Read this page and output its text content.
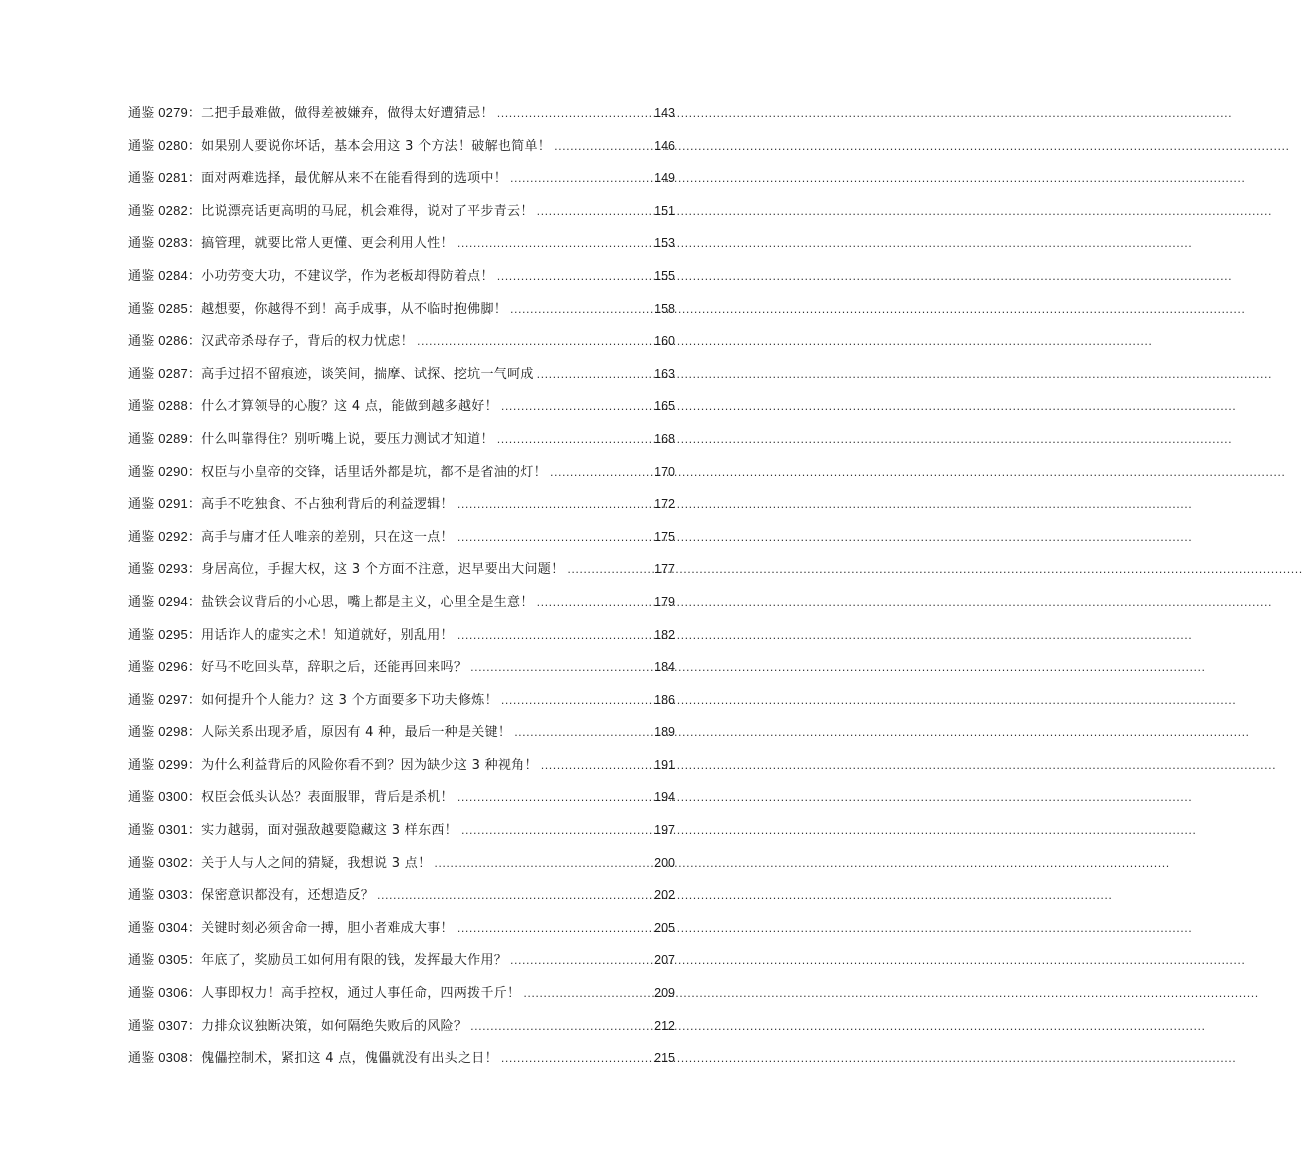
通鉴 0279： 二把手最难做，做得差被嫌弃，做得太好遭猜忌！ .....	143
通鉴 0280： 如果别人要说你坏话，基本会用这 3 个方法！破解也简单！ .....	146
通鉴 0281： 面对两难选择，最优解从来不在能看得到的选项中！ .....	149
通鉴 0282： 比说漂亮话更高明的马屁，机会难得，说对了平步青云！ .....	151
通鉴 0283： 搞管理，就要比常人更懂、更会利用人性！ .....	153
通鉴 0284： 小功劳变大功，不建议学，作为老板却得防着点！ .....	155
通鉴 0285： 越想要，你越得不到！高手成事，从不临时抱佛脚！ .....	158
通鉴 0286： 汉武帝杀母存子，背后的权力忧虑！ .....	160
通鉴 0287： 高手过招不留痕迹，谈笑间，揣摩、试探、挖坑一气呵成 .....	163
通鉴 0288： 什么才算领导的心腹？这 4 点，能做到越多越好！ .....	165
通鉴 0289： 什么叫靠得住？别听嘴上说，要压力测试才知道！ .....	168
通鉴 0290： 权臣与小皇帝的交锋，话里话外都是坑，都不是省油的灯！ .....	170
通鉴 0291： 高手不吃独食、不占独利背后的利益逻辑！ .....	172
通鉴 0292： 高手与庸才任人唯亲的差别，只在这一点！ .....	175
通鉴 0293： 身居高位，手握大权，这 3 个方面不注意，迟早要出大问题！ .....	177
通鉴 0294： 盐铁会议背后的小心思，嘴上都是主义，心里全是生意！ .....	179
通鉴 0295： 用话诈人的虚实之术！知道就好，别乱用！ .....	182
通鉴 0296： 好马不吃回头草，辞职之后，还能再回来吗？ .....	184
通鉴 0297： 如何提升个人能力？这 3 个方面要多下功夫修炼！ .....	186
通鉴 0298： 人际关系出现矛盾，原因有 4 种，最后一种是关键！ .....	189
通鉴 0299： 为什么利益背后的风险你看不到？因为缺少这 3 种视角！ .....	191
通鉴 0300： 权臣会低头认怂？表面服罪，背后是杀机！ .....	194
通鉴 0301： 实力越弱，面对强敌越要隐藏这 3 样东西！ .....	197
通鉴 0302： 关于人与人之间的猜疑，我想说 3 点！ .....	200
通鉴 0303： 保密意识都没有，还想造反？ .....	202
通鉴 0304： 关键时刻必须舍命一搏，胆小者难成大事！ .....	205
通鉴 0305： 年底了，奖励员工如何用有限的钱，发挥最大作用？ .....	207
通鉴 0306： 人事即权力！高手控权，通过人事任命，四两拨千斤！ .....	209
通鉴 0307： 力排众议独断决策，如何隔绝失败后的风险？ .....	212
通鉴 0308： 傀儡控制术，紧扣这 4 点，傀儡就没有出头之日！ .....	215
